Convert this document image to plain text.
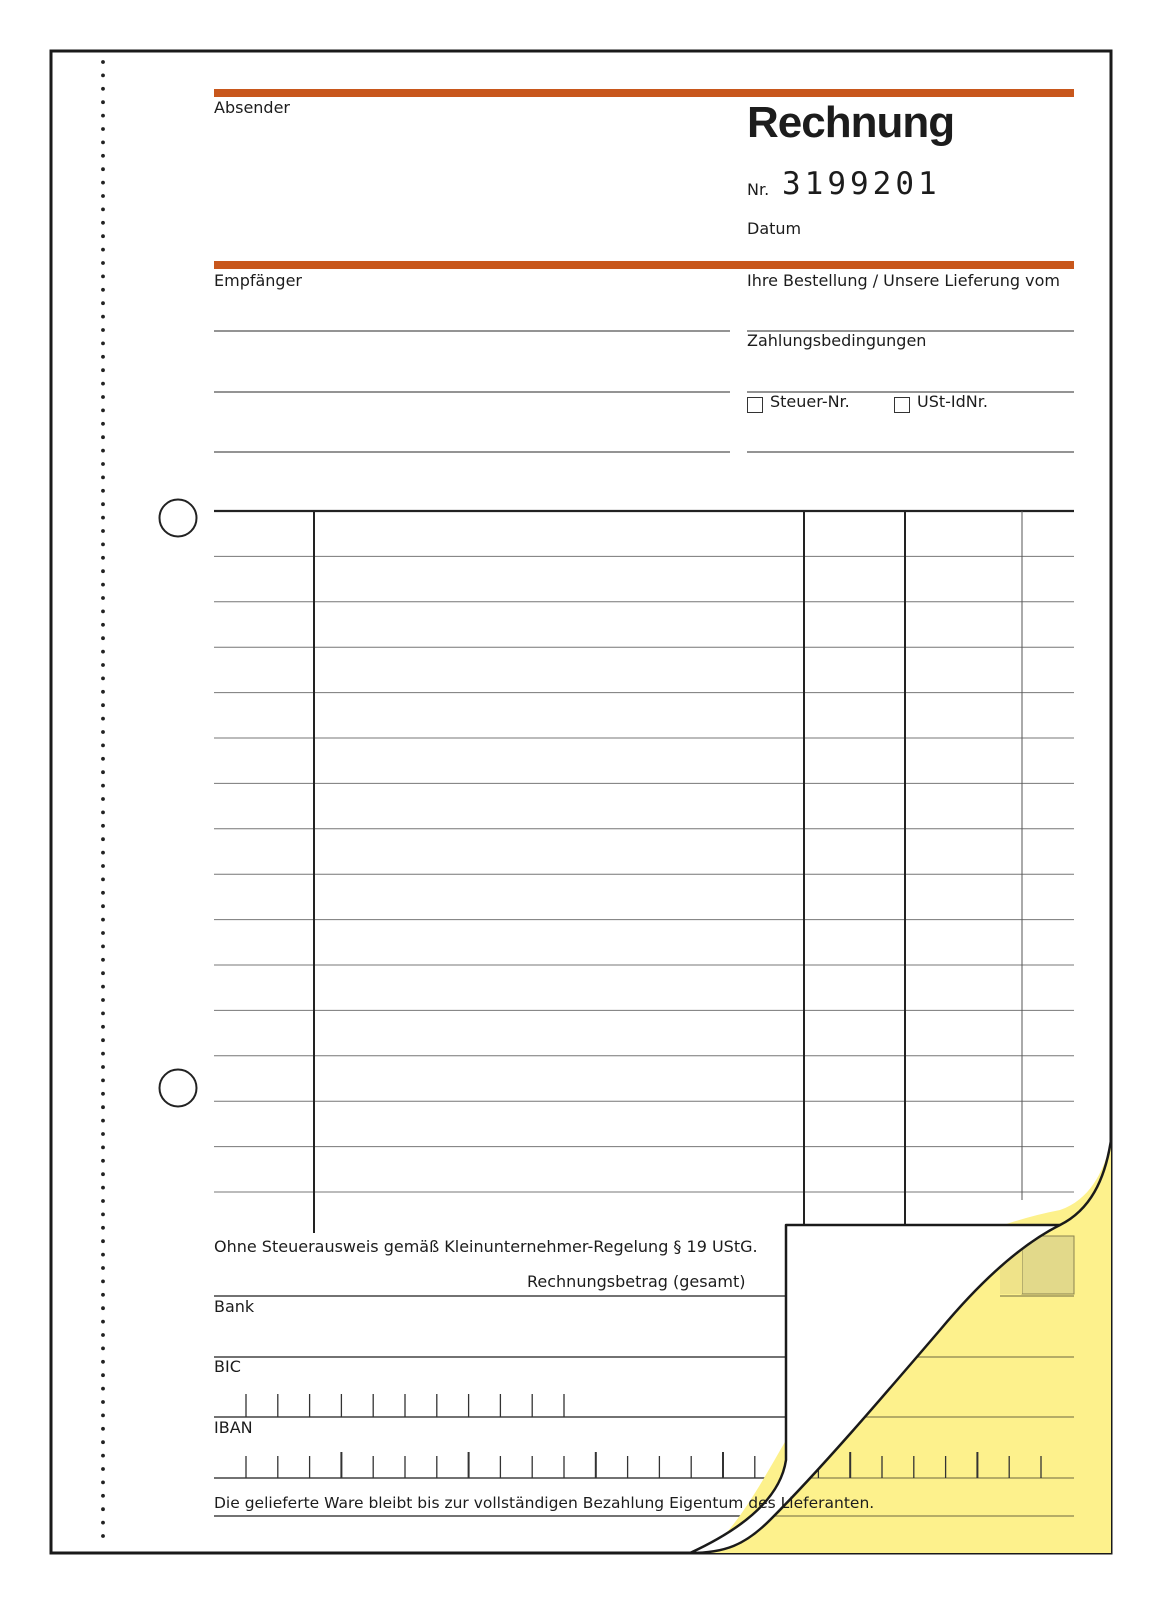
Absender	Rechnung
Nr. 3199201
Datum
Empfänger	Ihre Bestellung / Unsere Lieferung vom
Zahlungsbedingungen
Steuer-Nr.	USt-IdNr.
Ohne Steuerausweis gemäß Kleinunternehmer-Regelung § 19 UStG.
Rechnungsbetrag (gesamt)
Bank
BIC
IBAN
Die gelieferte Ware bleibt bis zur vollständigen Bezahlung Eigentum des Lieferanten.
